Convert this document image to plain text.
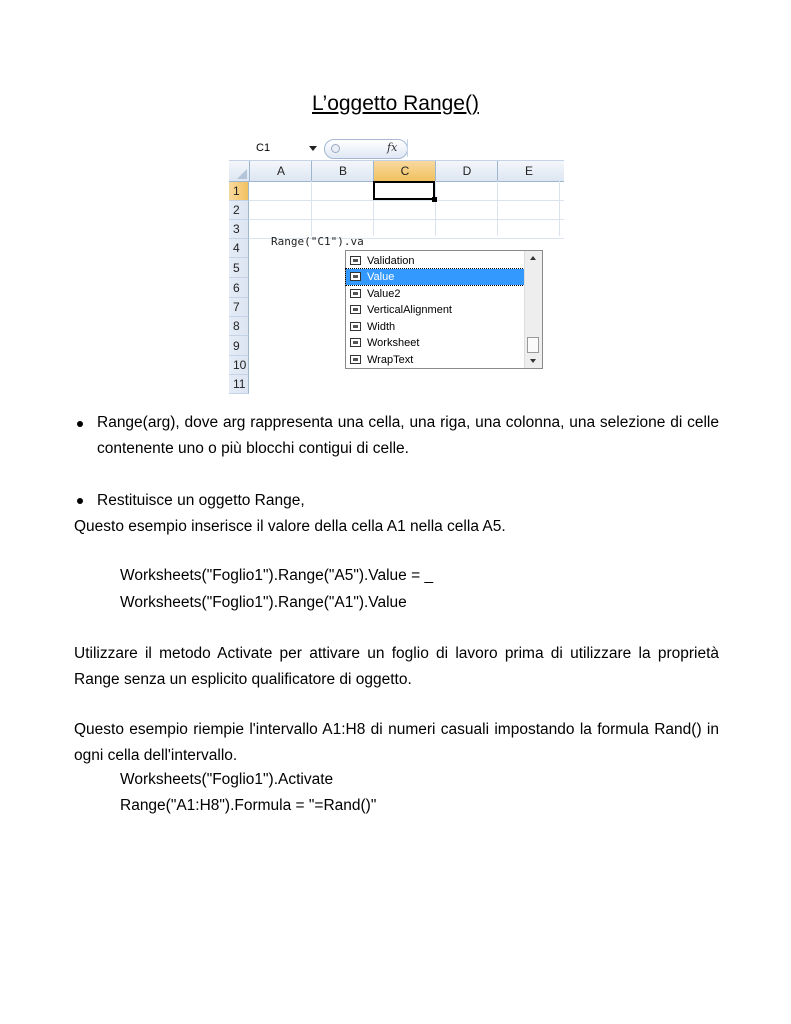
L’oggetto Range()
C1	fx
A	B	C	D	E
1
2
3
4
5
6
7
8
9
10
11
Range("C1").va
Validation
Value
Value2
VerticalAlignment
Width
Worksheet
WrapText
Range(arg), dove arg rappresenta una cella, una riga, una colonna, una selezione di celle contenente uno o più blocchi contigui di celle.
Restituisce un oggetto Range,
Questo esempio inserisce il valore della cella A1 nella cella A5.
Worksheets("Foglio1").Range("A5").Value = _
Worksheets("Foglio1").Range("A1").Value
Utilizzare il metodo Activate per attivare un foglio di lavoro prima di utilizzare la proprietà Range senza un esplicito qualificatore di oggetto.
Questo esempio riempie l'intervallo A1:H8 di numeri casuali impostando la formula Rand() in ogni cella dell'intervallo.
Worksheets("Foglio1").Activate
Range("A1:H8").Formula = "=Rand()"
